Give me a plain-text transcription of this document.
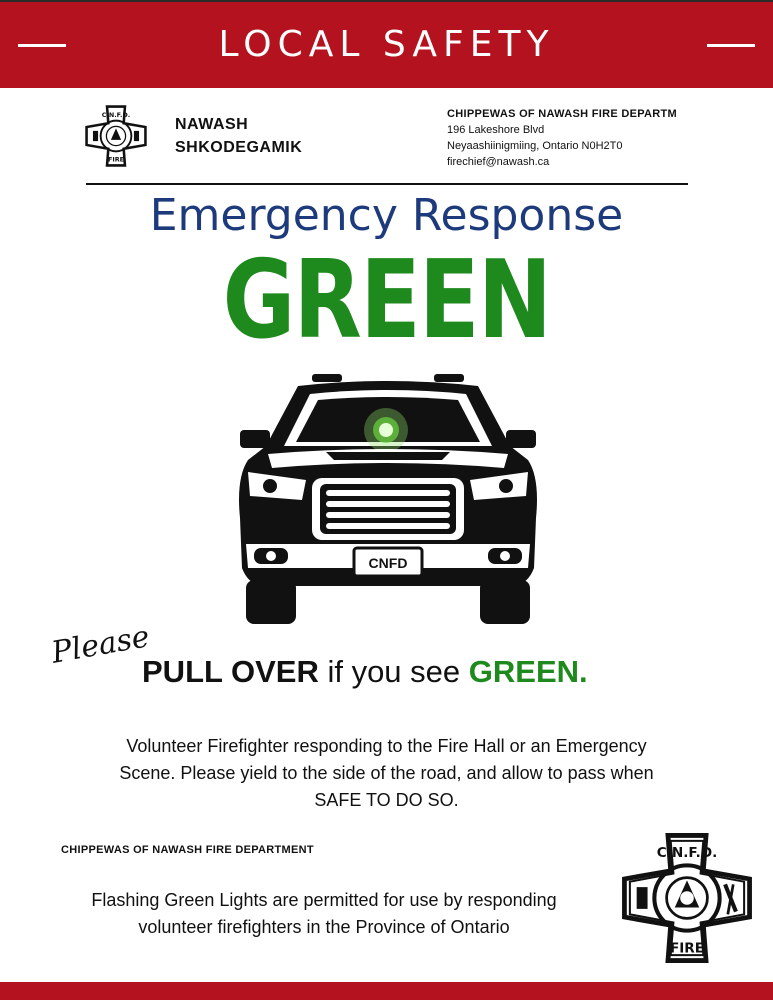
LOCAL SAFETY
C.N.F.D.
FIRE
NAWASH
SHKODEGAMIK
CHIPPEWAS OF NAWASH FIRE DEPARTM
196 Lakeshore Blvd
Neyaashiinigmiing, Ontario N0H2T0
firechief@nawash.ca
Emergency Response
GREEN
CNFD
Please
PULL OVER if you see GREEN.
Volunteer Firefighter responding to the Fire Hall or an Emergency
Scene. Please yield to the side of the road, and allow to pass when
SAFE TO DO SO.
CHIPPEWAS OF NAWASH FIRE DEPARTMENT
Flashing Green Lights are permitted for use by responding
volunteer firefighters in the Province of Ontario
C.N.F.D.
FIRE
